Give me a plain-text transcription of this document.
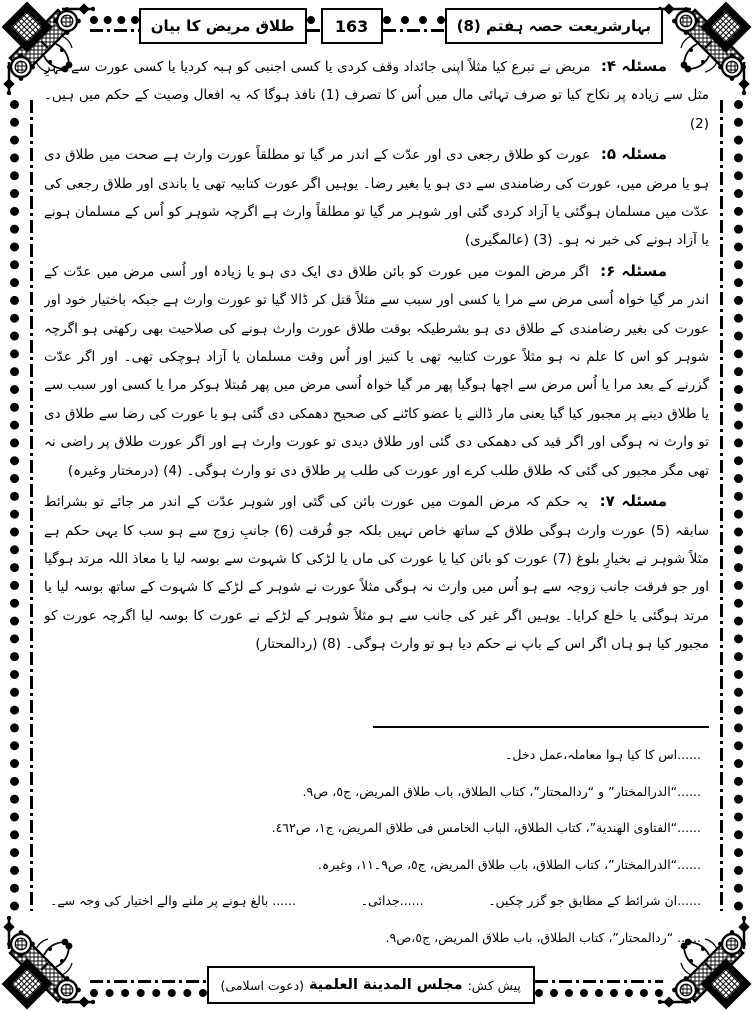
طلاق مریض کا بیان	163	بہارشریعت حصہ ہفتم (8)

مسئلہ ۴: مریض نے تبرع کیا مثلاً اپنی جائداد وقف کردی یا کسی اجنبی کو ہبہ کردیا یا کسی عورت سے مہرِ مثل سے زیادہ پر نکاح کیا تو صرف تہائی مال میں اُس کا تصرف (1) نافذ ہوگا کہ یہ افعال وصیت کے حکم میں ہیں۔ (2)

مسئلہ ۵: عورت کو طلاق رجعی دی اور عدّت کے اندر مر گیا تو مطلقاً عورت وارث ہے صحت میں طلاق دی ہو یا مرض میں، عورت کی رضامندی سے دی ہو یا بغیر رضا۔ یوہیں اگر عورت کتابیہ تھی یا باندی اور طلاق رجعی کی عدّت میں مسلمان ہوگئی یا آزاد کردی گئی اور شوہر مر گیا تو مطلقاً وارث ہے اگرچہ شوہر کو اُس کے مسلمان ہونے یا آزاد ہونے کی خبر نہ ہو۔ (3) (عالمگیری)

مسئلہ ۶: اگر مرض الموت میں عورت کو بائن طلاق دی ایک دی ہو یا زیادہ اور اُسی مرض میں عدّت کے اندر مر گیا خواہ اُسی مرض سے مرا یا کسی اور سبب سے مثلاً قتل کر ڈالا گیا تو عورت وارث ہے جبکہ باختیار خود اور عورت کی بغیر رضامندی کے طلاق دی ہو بشرطیکہ بوقت طلاق عورت وارث ہونے کی صلاحیت بھی رکھتی ہو اگرچہ شوہر کو اس کا علم نہ ہو مثلاً عورت کتابیہ تھی یا کنیز اور اُس وقت مسلمان یا آزاد ہوچکی تھی۔ اور اگر عدّت گزرنے کے بعد مرا یا اُس مرض سے اچھا ہوگیا پھر مر گیا خواہ اُسی مرض میں پھر مُبتلا ہوکر مرا یا کسی اور سبب سے یا طلاق دینے پر مجبور کیا گیا یعنی مار ڈالنے یا عضو کاٹنے کی صحیح دھمکی دی گئی ہو یا عورت کی رضا سے طلاق دی تو وارث نہ ہوگی اور اگر قید کی دھمکی دی گئی اور طلاق دیدی تو عورت وارث ہے اور اگر عورت طلاق پر راضی نہ تھی مگر مجبور کی گئی کہ طلاق طلب کرے اور عورت کی طلب پر طلاق دی تو وارث ہوگی۔ (4) (درمختار وغیرہ)

مسئلہ ۷: یہ حکم کہ مرض الموت میں عورت بائن کی گئی اور شوہر عدّت کے اندر مر جائے تو بشرائط سابقہ (5) عورت وارث ہوگی طلاق کے ساتھ خاص نہیں بلکہ جو فُرقت (6) جانبِ زوج سے ہو سب کا یہی حکم ہے مثلاً شوہر نے بخیارِ بلوغ (7) عورت کو بائن کیا یا عورت کی ماں یا لڑکی کا شہوت سے بوسہ لیا یا معاذ اللہ مرتد ہوگیا اور جو فرقت جانب زوجہ سے ہو اُس میں وارث نہ ہوگی مثلاً عورت نے شوہر کے لڑکے کا شہوت کے ساتھ بوسہ لیا یا مرتد ہوگئی یا خلع کرایا۔ یوہیں اگر غیر کی جانب سے ہو مثلاً شوہر کے لڑکے نے عورت کا بوسہ لیا اگرچہ عورت کو مجبور کیا ہو ہاں اگر اس کے باپ نے حکم دیا ہو تو وارث ہوگی۔ (8) (ردالمحتار)

......اس کا کیا ہوا معاملہ،عمل دخل۔
......“الدرالمختار” و “ردالمحتار”، کتاب الطلاق، باب طلاق المریض، ج٥، ص٩.
......“الفتاوی الھندیة”، کتاب الطلاق، الباب الخامس فی طلاق المریض، ج١، ص٤٦٢.
......“الدرالمختار”، کتاب الطلاق، باب طلاق المریض، ج٥، ص٩۔١١، وغیرہ.
......ان شرائط کے مطابق جو گزر چکیں۔
......جدائی۔
...... بالغ ہونے پر ملنے والے اختیار کی وجہ سے۔
...... “ردالمحتار”، کتاب الطلاق، باب طلاق المریض، ج٥،ص٩.
پیش کش:
مجلس المدینة العلمیة
(دعوت اسلامی)
